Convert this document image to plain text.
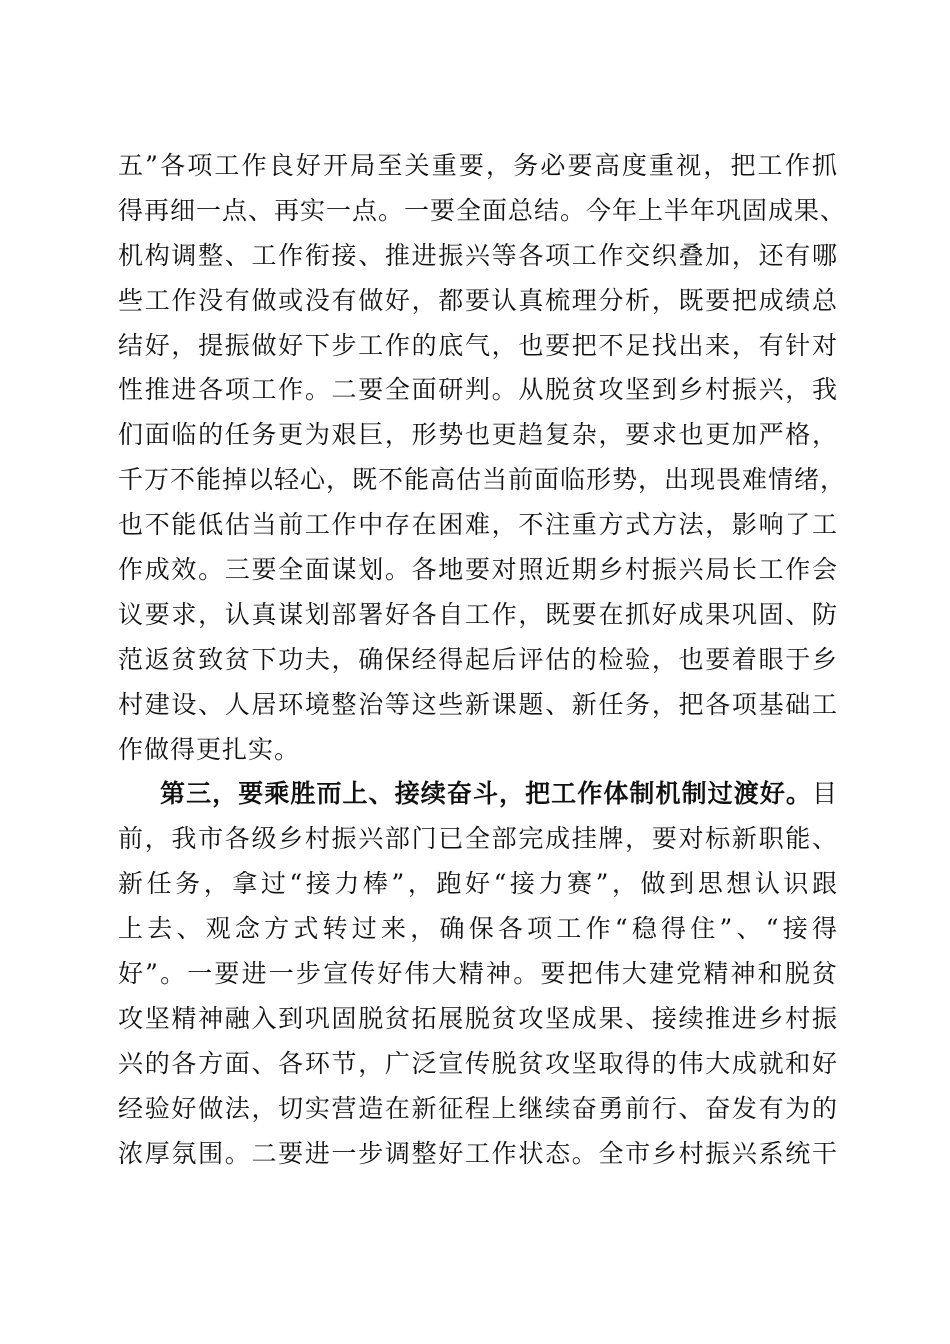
五”各项工作良好开局至关重要，务必要高度重视，把工作抓
得再细一点、再实一点。一要全面总结。今年上半年巩固成果、
机构调整、工作衔接、推进振兴等各项工作交织叠加，还有哪
些工作没有做或没有做好，都要认真梳理分析，既要把成绩总
结好，提振做好下步工作的底气，也要把不足找出来，有针对
性推进各项工作。二要全面研判。从脱贫攻坚到乡村振兴，我
们面临的任务更为艰巨，形势也更趋复杂，要求也更加严格，
千万不能掉以轻心，既不能高估当前面临形势，出现畏难情绪，
也不能低估当前工作中存在困难，不注重方式方法，影响了工
作成效。三要全面谋划。各地要对照近期乡村振兴局长工作会
议要求，认真谋划部署好各自工作，既要在抓好成果巩固、防
范返贫致贫下功夫，确保经得起后评估的检验，也要着眼于乡
村建设、人居环境整治等这些新课题、新任务，把各项基础工
作做得更扎实。
第三，要乘胜而上、接续奋斗，把工作体制机制过渡好。目
前，我市各级乡村振兴部门已全部完成挂牌，要对标新职能、
新任务，拿过“接力棒”，跑好“接力赛”，做到思想认识跟
上去、观念方式转过来，确保各项工作“稳得住”、“接得
好”。一要进一步宣传好伟大精神。要把伟大建党精神和脱贫
攻坚精神融入到巩固脱贫拓展脱贫攻坚成果、接续推进乡村振
兴的各方面、各环节，广泛宣传脱贫攻坚取得的伟大成就和好
经验好做法，切实营造在新征程上继续奋勇前行、奋发有为的
浓厚氛围。二要进一步调整好工作状态。全市乡村振兴系统干
